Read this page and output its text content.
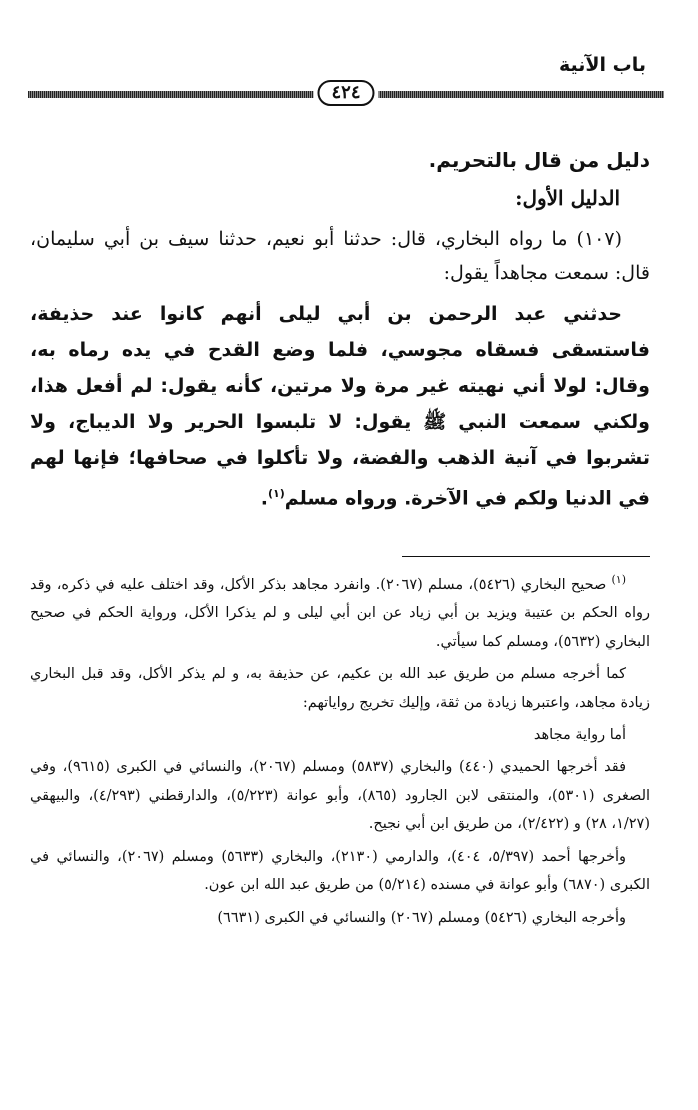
باب الآنية
٤٢٤

دليل من قال بالتحريم.

الدليل الأول:

(١٠٧) ما رواه البخاري، قال: حدثنا أبو نعيم، حدثنا سيف بن أبي سليمان، قال: سمعت مجاهداً يقول:

حدثني عبد الرحمن بن أبي ليلى أنهم كانوا عند حذيفة، فاستسقى فسقاه مجوسي، فلما وضع القدح في يده رماه به، وقال: لولا أني نهيته غير مرة ولا مرتين، كأنه يقول: لم أفعل هذا، ولكني سمعت النبي ﷺ يقول: لا تلبسوا الحرير ولا الديباج، ولا تشربوا في آنية الذهب والفضة، ولا تأكلوا في صحافها؛ فإنها لهم في الدنيا ولكم في الآخرة. ورواه مسلم$^{(١)}$.

$^{(١)}$ صحيح البخاري (٥٤٢٦)، مسلم (٢٠٦٧). وانفرد مجاهد بذكر الأكل، وقد اختلف عليه في ذكره، وقد رواه الحكم بن عتيبة ويزيد بن أبي زياد عن ابن أبي ليلى و لم يذكرا الأكل، ورواية الحكم في صحيح البخاري (٥٦٣٢)، ومسلم كما سيأتي.

كما أخرجه مسلم من طريق عبد الله بن عكيم، عن حذيفة به، و لم يذكر الأكل، وقد قبل البخاري زيادة مجاهد، واعتبرها زيادة من ثقة، وإليك تخريج رواياتهم:

أما رواية مجاهد

فقد أخرجها الحميدي (٤٤٠) والبخاري (٥٨٣٧) ومسلم (٢٠٦٧)، والنسائي في الكبرى (٩٦١٥)، وفي الصغرى (٥٣٠١)، والمنتقى لابن الجارود (٨٦٥)، وأبو عوانة (٥/٢٢٣)، والدارقطني (٤/٢٩٣)، والبيهقي (١/٢٧، ٢٨) و (٢/٤٢٢)، من طريق ابن أبي نجيح.

وأخرجها أحمد (٥/٣٩٧، ٤٠٤)، والدارمي (٢١٣٠)، والبخاري (٥٦٣٣) ومسلم (٢٠٦٧)، والنسائي في الكبرى (٦٨٧٠) وأبو عوانة في مسنده (٥/٢١٤) من طريق عبد الله ابن عون.

وأخرجه البخاري (٥٤٢٦) ومسلم (٢٠٦٧) والنسائي في الكبرى (٦٦٣١)
